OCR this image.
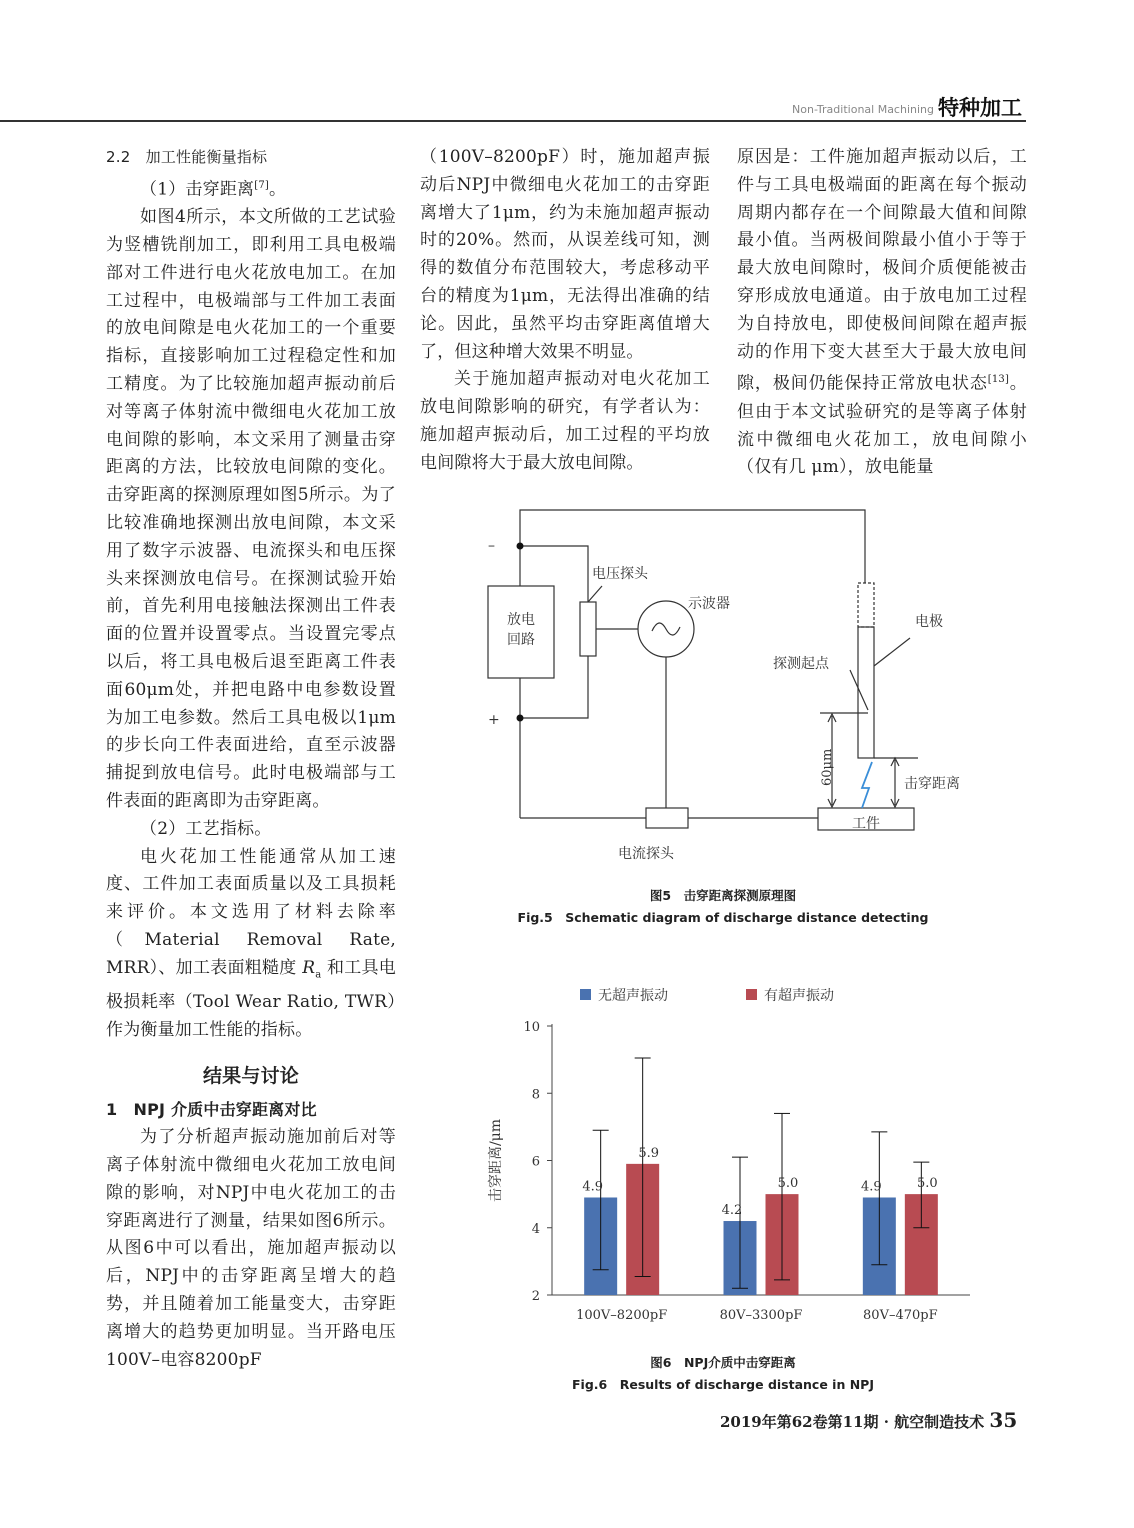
Non-Traditional Machining 特种加工

2.2　加工性能衡量指标

（1）击穿距离[7]。

如图4所示，本文所做的工艺试验为竖槽铣削加工，即利用工具电极端部对工件进行电火花放电加工。在加工过程中，电极端部与工件加工表面的放电间隙是电火花加工的一个重要指标，直接影响加工过程稳定性和加工精度。为了比较施加超声振动前后对等离子体射流中微细电火花加工放电间隙的影响，本文采用了测量击穿距离的方法，比较放电间隙的变化。击穿距离的探测原理如图5所示。为了比较准确地探测出放电间隙，本文采用了数字示波器、电流探头和电压探头来探测放电信号。在探测试验开始前，首先利用电接触法探测出工件表面的位置并设置零点。当设置完零点以后，将工具电极后退至距离工件表面60μm处，并把电路中电参数设置为加工电参数。然后工具电极以1μm的步长向工件表面进给，直至示波器捕捉到放电信号。此时电极端部与工件表面的距离即为击穿距离。

（2）工艺指标。

电火花加工性能通常从加工速度、工件加工表面质量以及工具损耗来评价。本文选用了材料去除率（Material Removal Rate, MRR）、加工表面粗糙度 $R_a$ 和工具电极损耗率（Tool Wear Ratio, TWR）作为衡量加工性能的指标。

结果与讨论

1　NPJ 介质中击穿距离对比

为了分析超声振动施加前后对等离子体射流中微细电火花加工放电间隙的影响，对NPJ中电火花加工的击穿距离进行了测量，结果如图6所示。从图6中可以看出，施加超声振动以后，NPJ中的击穿距离呈增大的趋势，并且随着加工能量变大，击穿距离增大的趋势更加明显。当开路电压100V–电容8200pF

（100V–8200pF）时，施加超声振动后NPJ中微细电火花加工的击穿距离增大了1μm，约为未施加超声振动时的20%。然而，从误差线可知，测得的数值分布范围较大，考虑移动平台的精度为1μm，无法得出准确的结论。因此，虽然平均击穿距离值增大了，但这种增大效果不明显。

关于施加超声振动对电火花加工放电间隙影响的研究，有学者认为：施加超声振动后，加工过程的平均放电间隙将大于最大放电间隙。

原因是：工件施加超声振动以后，工件与工具电极端面的距离在每个振动周期内都存在一个间隙最大值和间隙最小值。当两极间隙最小值小于等于最大放电间隙时，极间介质便能被击穿形成放电通道。由于放电加工过程为自持放电，即使极间间隙在超声振动的作用下变大甚至大于最大放电间隙，极间仍能保持正常放电状态[13]。但由于本文试验研究的是等离子体射流中微细电火花加工，放电间隙小（仅有几 μm），放电能量

–
+
放电
回路
电压探头
示波器
电极
探测起点
60μm	击穿距离
工件
电流探头
图5　击穿距离探测原理图
Fig.5　Schematic diagram of discharge distance detecting
无超声振动	有超声振动
2
4
6
8
10
击穿距离/μm	4.9
4.2
4.9
5.9
5.0	5.0
100V–8200pF	80V–3300pF	80V–470pF
图6　NPJ介质中击穿距离
Fig.6　Results of discharge distance in NPJ
2019年第62卷第11期 · 航空制造技术 35
